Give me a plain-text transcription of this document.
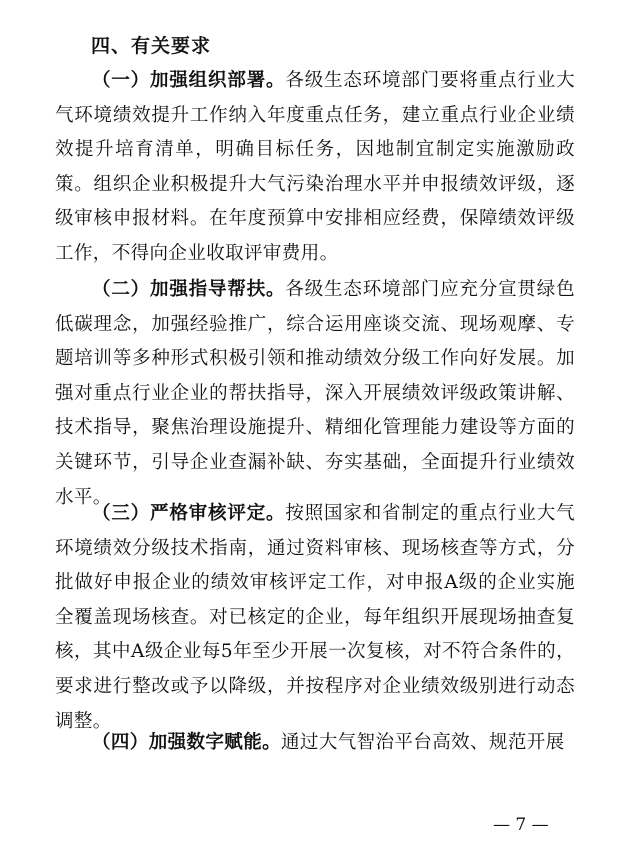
四、有关要求

（一）加强组织部署。各级生态环境部门要将重点行业大气环境绩效提升工作纳入年度重点任务，建立重点行业企业绩效提升培育清单，明确目标任务，因地制宜制定实施激励政策。组织企业积极提升大气污染治理水平并申报绩效评级，逐级审核申报材料。在年度预算中安排相应经费，保障绩效评级工作，不得向企业收取评审费用。

（二）加强指导帮扶。各级生态环境部门应充分宣贯绿色低碳理念，加强经验推广，综合运用座谈交流、现场观摩、专题培训等多种形式积极引领和推动绩效分级工作向好发展。加强对重点行业企业的帮扶指导，深入开展绩效评级政策讲解、技术指导，聚焦治理设施提升、精细化管理能力建设等方面的关键环节，引导企业查漏补缺、夯实基础，全面提升行业绩效水平。

（三）严格审核评定。按照国家和省制定的重点行业大气环境绩效分级技术指南，通过资料审核、现场核查等方式，分批做好申报企业的绩效审核评定工作，对申报A级的企业实施全覆盖现场核查。对已核定的企业，每年组织开展现场抽查复核，其中A级企业每5年至少开展一次复核，对不符合条件的，要求进行整改或予以降级，并按程序对企业绩效级别进行动态调整。

（四）加强数字赋能。通过大气智治平台高效、规范开展

— 7 —
